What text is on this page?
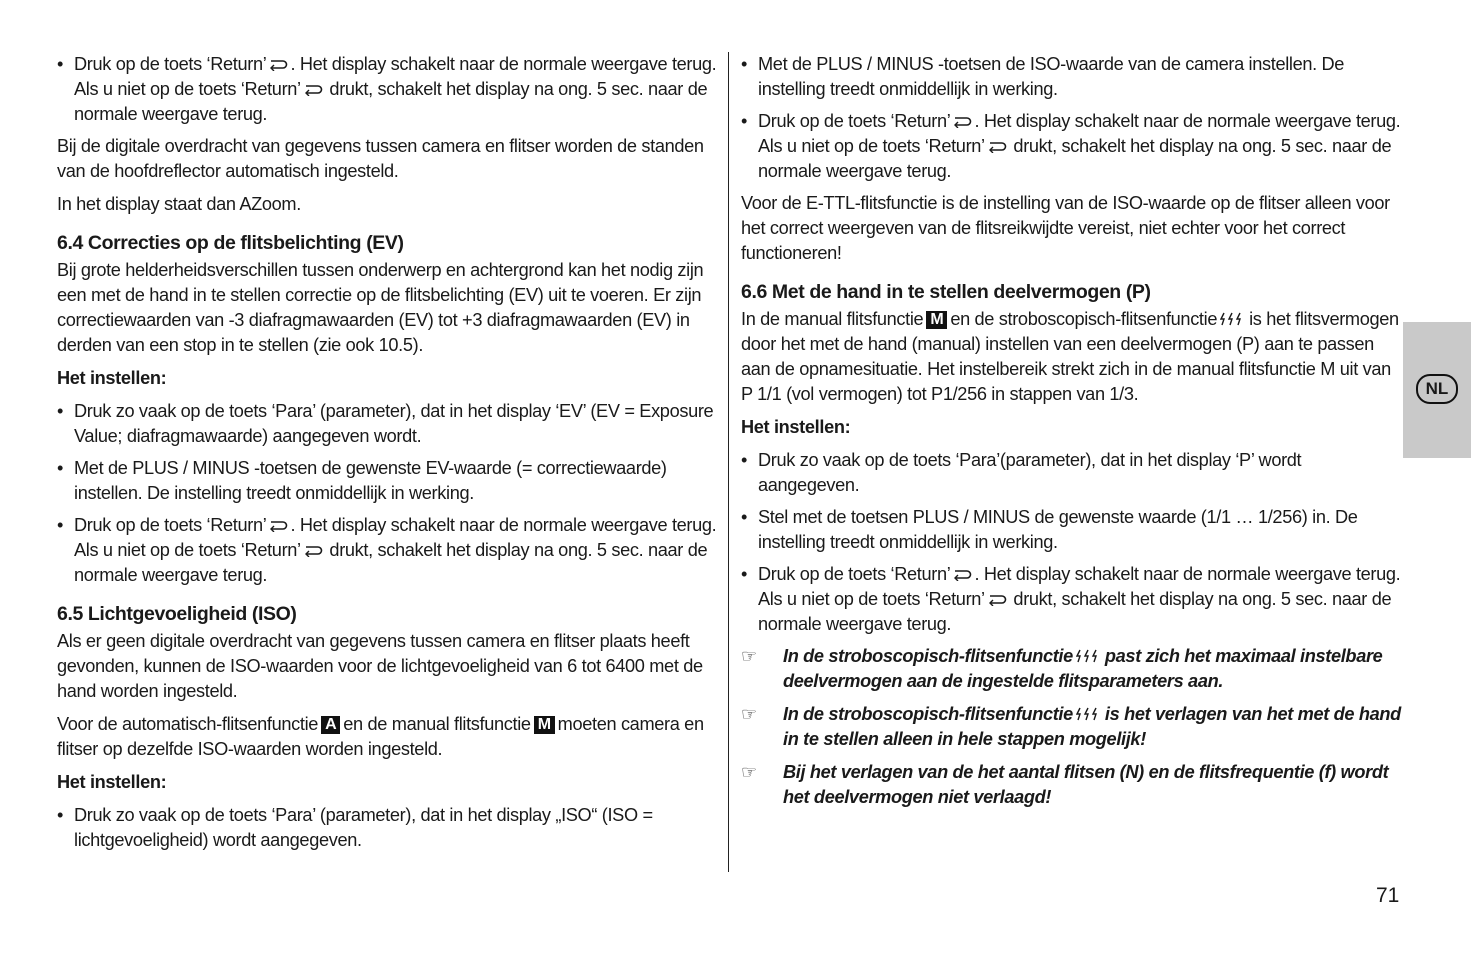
• Druk op de toets ‘Return’ . Het display schakelt naar de normale weergave terug. Als u niet op de toets ‘Return’ drukt, schakelt het display na ong. 5 sec. naar de normale weergave terug.

Bij de digitale overdracht van gegevens tussen camera en flitser worden de standen van de hoofdreflector automatisch ingesteld.

In het display staat dan AZoom.

6.4 Correcties op de flitsbelichting (EV)

Bij grote helderheidsverschillen tussen onderwerp en achtergrond kan het nodig zijn een met de hand in te stellen correctie op de flitsbelichting (EV) uit te voeren. Er zijn correctiewaarden van -3 diafragmawaarden (EV) tot +3 diafragmawaarden (EV) in derden van een stop in te stellen (zie ook 10.5).

Het instellen:
• Druk zo vaak op de toets ‘Para’ (parameter), dat in het display ‘EV’ (EV = Exposure Value; diafragmawaarde) aangegeven wordt.
• Met de PLUS / MINUS -toetsen de gewenste EV-waarde (= correctiewaarde) instellen. De instelling treedt onmiddellijk in werking.
• Druk op de toets ‘Return’ . Het display schakelt naar de normale weergave terug. Als u niet op de toets ‘Return’ drukt, schakelt het display na ong. 5 sec. naar de normale weergave terug.
6.5 Lichtgevoeligheid (ISO)

Als er geen digitale overdracht van gegevens tussen camera en flitser plaats heeft gevonden, kunnen de ISO-waarden voor de lichtgevoeligheid van 6 tot 6400 met de hand worden ingesteld.

Voor de automatisch-flitsenfunctie A en de manual flitsfunctie M moeten camera en flitser op dezelfde ISO-waarden worden ingesteld.

Het instellen:
• Druk zo vaak op de toets ‘Para’ (parameter), dat in het display „ISO“ (ISO = lichtgevoeligheid) wordt aangegeven.
• Met de PLUS / MINUS -toetsen de ISO-waarde van de camera instellen. De instelling treedt onmiddellijk in werking.
• Druk op de toets ‘Return’ . Het display schakelt naar de normale weergave terug. Als u niet op de toets ‘Return’ drukt, schakelt het display na ong. 5 sec. naar de normale weergave terug.

Voor de E-TTL-flitsfunctie is de instelling van de ISO-waarde op de flitser alleen voor het correct weergeven van de flitsreikwijdte vereist, niet echter voor het correct functioneren!

6.6 Met de hand in te stellen deelvermogen (P)

In de manual flitsfunctie M en de stroboscopisch-flitsenfunctie is het flitsvermogen door het met de hand (manual) instellen van een deelvermogen (P) aan te passen aan de opnamesituatie. Het instelbereik strekt zich in de manual flitsfunctie M uit van P 1/1 (vol vermogen) tot P1/256 in stappen van 1/3.

Het instellen:
• Druk zo vaak op de toets ‘Para’(parameter), dat in het display ‘P’ wordt aangegeven.
• Stel met de toetsen PLUS / MINUS de gewenste waarde (1/1 … 1/256) in. De instelling treedt onmiddellijk in werking.
• Druk op de toets ‘Return’ . Het display schakelt naar de normale weergave terug. Als u niet op de toets ‘Return’ drukt, schakelt het display na ong. 5 sec. naar de normale weergave terug.
☞ In de stroboscopisch-flitsenfunctie past zich het maximaal instelbare deelvermogen aan de ingestelde flitsparameters aan.
☞ In de stroboscopisch-flitsenfunctie is het verlagen van het met de hand in te stellen alleen in hele stappen mogelijk!
☞ Bij het verlagen van de het aantal flitsen (N) en de flitsfrequentie (f) wordt het deelvermogen niet verlaagd!
NL
71
